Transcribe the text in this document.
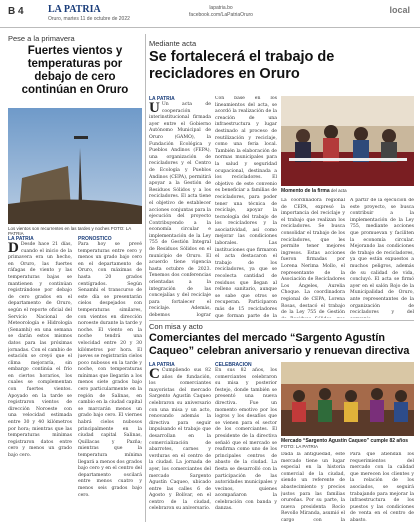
B 4 LA PATRIA
Oruro, martes 11 de octubre de 2022
lapatria.bo facebook.com/LaPatriaOruro	local
Pese a la primavera
Fuertes vientos y temperaturas por debajo de cero continúan en Oruro
Los vientos son recurrentes en las tardes y noches FOTO: LA PATRIA
LA PATRIA
D Desde hace 21 días, cuando el inicio de la primavera era un hecho, en Oruro, las fuertes ráfagas de viento y las temperaturas bajas se mantienen y continúan registrándose por debajo de cero grados en el departamento de Oruro, según el reporte oficial del Servicio Nacional de Meteorología e Hidrología (Senamhi) en una semana se darán estos mismos datos para las próximas jornadas. Con el cambio de estación se creyó que el clima mejoraría, sin embargo continúa el frío en ciertos horarios, los cuales se complementan con fuertes vientos. Apoyado en la tarde se registraron vientos de dirección Noroeste con una velocidad estimada entre 30 y 40 kilómetros por hora; mientras que las temperaturas mínimas registraron datos entre cero y menos un grado bajo cero.
PRONÓSTICO
Para hoy se prevé temperaturas entre cero y menos un grado bajo cero en el departamento de Oruro, con máximas de hasta 20 grados centígrados. Según Senamhi el transcurso de este día se presentarán cielos despejados con temperaturas similares, con vientos en dirección noroeste durante la tarde y noche. El viento en la noche tendrá una velocidad entre 20 y 30 kilómetros por hora. El jueves se registrarán cielos poco nubosos en la tarde y noche, con temperaturas mínimas que llegarán a los menos siete grados bajo cero particularmente en la región de Salinas, en cambio en la ciudad capital se marcarán menos un grado bajo cero. El viernes habrá cielos nubosos principalmente en la ciudad capital Salinas, Quillacas y Pazña; mientras que la temperatura mínima llegará a menos dos grados bajo cero y en el centro del departamento oscilará entre menos cuatro y menos seis grados bajo cero.
Mediante acta
Se fortalecerá el trabajo de recicladores en Oruro
LA PATRIA
U Un acta de cooperación interinstitucional firmada ayer entre el Gobierno Autónomo Municipal de Oruro (GAMO), la Fundación Ecológica y Pueblos Andinos (FEPA), una organización de recicladores y el Centro de Ecología y Pueblos Andinos (CEPA), permitirá apoyar a la Gestión de Residuos Sólidos y a los recicladores. El acta tiene el objetivo de establecer acciones conjuntas para la ejecución del proyecto Contribuyendo a la economía circular e implementación de la Ley 755 de Gestión Integral de Residuos Sólidos en el municipio de Oruro. El acuerdo tiene vigencia hasta octubre de 2023. Tenemos dos conferencias orientadas a la integración de las concejalías y del reciclaje para fortalecer el reciclaje. Además, debemos lograr
Con base en los lineamientos del acta, se acordó la realización de la creación de una infraestructura y lugar destinado al proceso de reutilización y reciclaje, como una feria local. También la elaboración de normas municipales para la salud y seguridad ocupacional, destinada a los recicladores. El objetivo de este convenio es beneficiar a familias de recicladores, para poder tener una técnica de reciclaje, apoyar la tecnología del trabajo de los recicladores y la asociatividad, así como mejorar las condiciones laborales. Las instituciones que firmaron el acta destacaron el trabajo de los recicladores, ya que se recolecta cantidad de residuos que llegan al relleno sanitario, aunque se sabe que otros se recuperan. Participaron más de 15 recicladores que forman parte de la
Momento de la firma del acta
La coordinadora regional de CEPA, expresó la importancia del reciclaje y el trabajo que realizan los recicladores. Se busca consolidar el trabajo de los recicladores, que les permite tener mejores ingresos. Estas acciones fueron firmadas por Lorena Nerima Mollo, el representante de la Asociación de Recicladores Los Ángeles, Aurelia Choque. La coordinadora regional de CEPA, Lorena Rosas, destacó el trabajo de la Ley 755 de Gestión
A partir de la ejecución de este proyecto, se busca contribuir a la implementación de la Ley 755, mediante acciones que promuevan y faciliten la economía circular. Mejorando las condiciones de trabajo de recicladores, ya que están expuestos a muchos peligros, además de su calidad de vida, concluyó. El acta se firmó ayer en el salón Rojo de la Municipalidad de Oruro, ante representantes de la organización de recicladores y del
Con misa y acto
Comerciantes del mercado “Sargento Agustín Caqueo” celebran aniversario y renuevan directiva
LA PATRIA
C Cumpliendo sus 82 años de fundación, los comerciantes mayoristas del mercado Sargento Agustín Caqueo celebraron su aniversario con una misa y un acto, renovando además la directiva para seguir impulsando el trabajo que desarrollan en la comercialización de abarrotes, carnes y verduras en el centro de la ciudad. La jornada de ayer, los comerciantes del mercado Sargento Agustín Caqueo, ubicado entre las calles 6 de Agosto y Bolívar, en el centro de la ciudad, celebraron su aniversario.
CELEBRACIÓN
En sus 82 años, los comerciantes celebraron su misa y posterior festejo, donde también se presentó una nueva directiva. Fue un momento emotivo por los logros y los desafíos que se vienen para el sector de los comerciantes. El presidente de la directiva señaló que el mercado se reafirma como uno de los principales centros de abasto de la ciudad. La fiesta se desarrolló con la participación de las autoridades municipales y vecinos, quienes acompañaron la celebración con banda y danzas.
Mercado “Sargento Agustín Caqueo” cumple 82 años FOTO: LA PATRIA
Dada la antigüedad, este mercado tiene un lugar especial en la historia comercial de la ciudad, siendo un referente de abastecimiento y precios justos para las familias orureñas. Por su parte, la nueva presidenta Rocío Revollo Miranda, asumió el cargo con la
Para que atiendan los requerimientos del mercado con la calidad que merecen los clientes y la relación de los asociados, se seguirá trabajando para mejorar la infraestructura de los puestos y las condiciones de venta en el centro de abasto.
